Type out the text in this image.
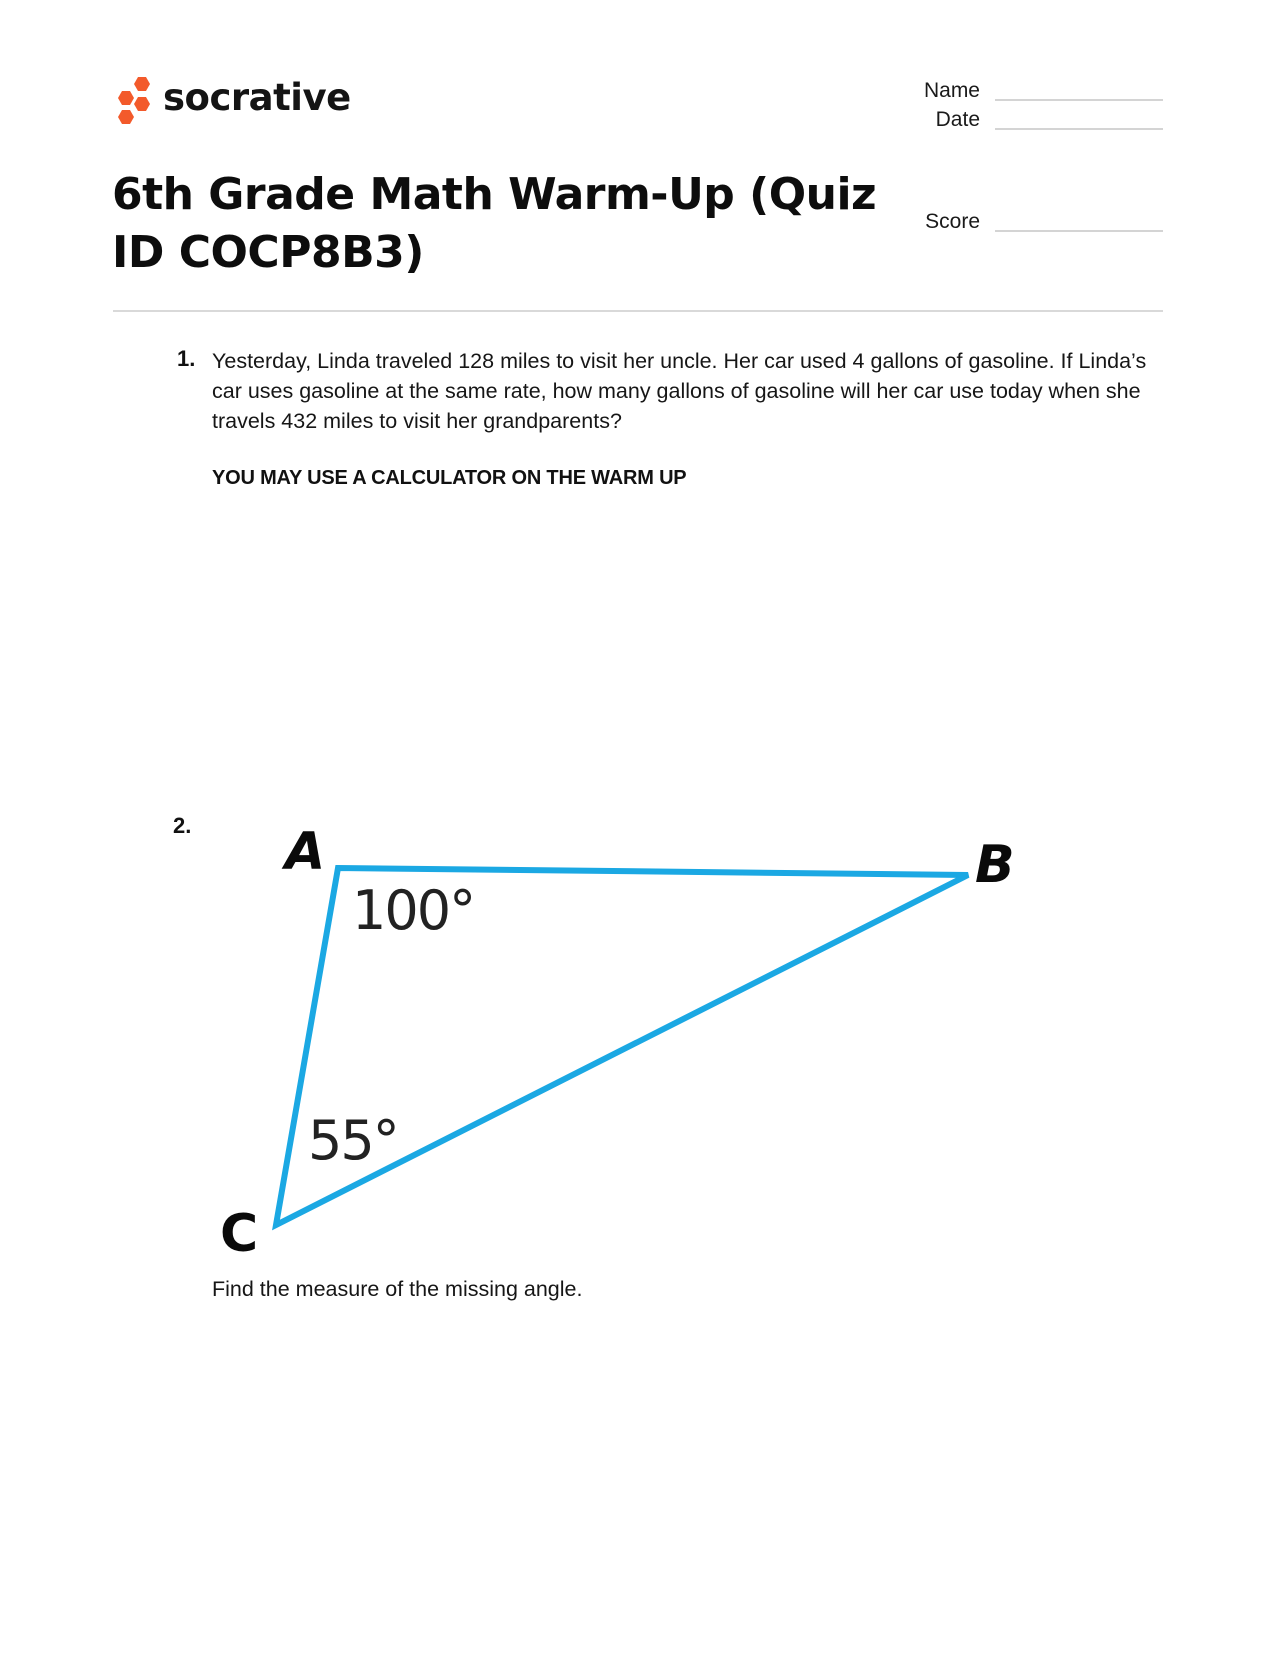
socrative	Name
Date
Score
6th Grade Math Warm-Up (Quiz ID COCP8B3)
1. Yesterday, Linda traveled 128 miles to visit her uncle. Her car used 4 gallons of gasoline. If Linda’s car uses gasoline at the same rate, how many gallons of gasoline will her car use today when she travels 432 miles to visit her grandparents?
YOU MAY USE A CALCULATOR ON THE WARM UP
2. A	B
C
100°
55°
Find the measure of the missing angle.
